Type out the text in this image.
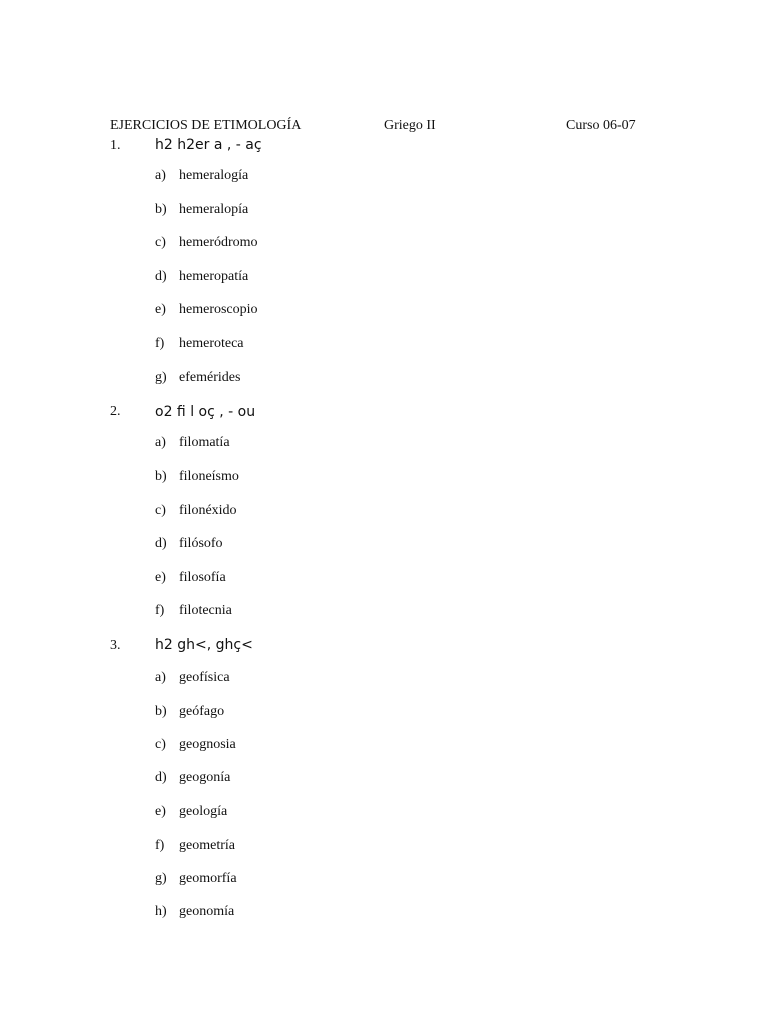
EJERCICIOS DE ETIMOLOGÍA	Griego II	Curso 06-07
1. h2 h2er a , - aç
a) hemeralogía
b) hemeralopía
c) hemeródromo
d) hemeropatía
e) hemeroscopio
f) hemeroteca
g) efemérides
2. o2 fi l oç , - ou
a) filomatía
b) filoneísmo
c) filonéxido
d) filósofo
e) filosofía
f) filotecnia
3. h2 gh<, ghç<
a) geofísica
b) geófago
c) geognosia
d) geogonía
e) geología
f) geometría
g) geomorfía
h) geonomía
